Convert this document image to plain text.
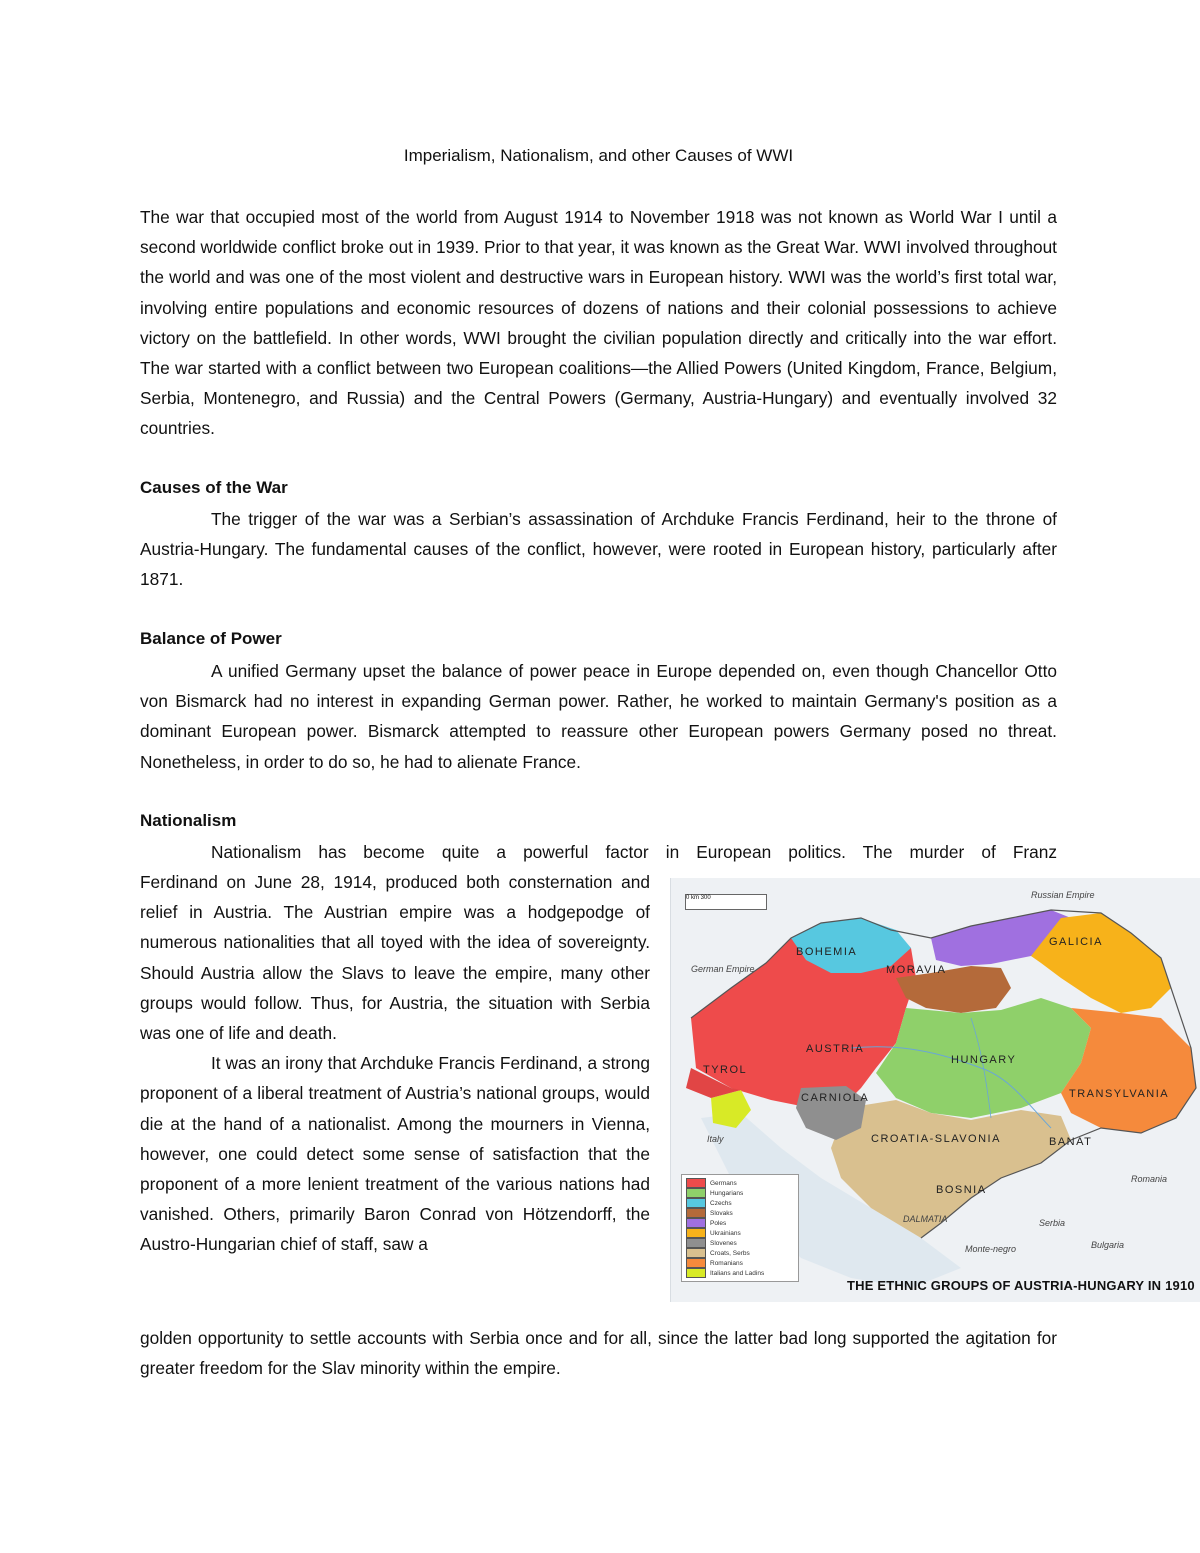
Imperialism, Nationalism, and other Causes of WWI

The war that occupied most of the world from August 1914 to November 1918 was not known as World War I until a second worldwide conflict broke out in 1939. Prior to that year, it was known as the Great War. WWI involved throughout the world and was one of the most violent and destructive wars in European history. WWI was the world’s first total war, involving entire populations and economic resources of dozens of nations and their colonial possessions to achieve victory on the battlefield. In other words, WWI brought the civilian population directly and critically into the war effort. The war started with a conflict between two European coalitions—the Allied Powers (United Kingdom, France, Belgium, Serbia, Montenegro, and Russia) and the Central Powers (Germany, Austria-Hungary) and eventually involved 32 countries.

Causes of the War

The trigger of the war was a Serbian’s assassination of Archduke Francis Ferdinand, heir to the throne of Austria-Hungary. The fundamental causes of the conflict, however, were rooted in European history, particularly after 1871.

Balance of Power

A unified Germany upset the balance of power peace in Europe depended on, even though Chancellor Otto von Bismarck had no interest in expanding German power. Rather, he worked to maintain Germany's position as a dominant European power. Bismarck attempted to reassure other European powers Germany posed no threat. Nonetheless, in order to do so, he had to alienate France.

Nationalism

Nationalism has become quite a powerful factor in European politics. The murder of Franz

Ferdinand on June 28, 1914, produced both consternation and relief in Austria. The Austrian empire was a hodgepodge of numerous nationalities that all toyed with the idea of sovereignty. Should Austria allow the Slavs to leave the empire, many other groups would follow. Thus, for Austria, the situation with Serbia was one of life and death.

It was an irony that Archduke Francis Ferdinand, a strong proponent of a liberal treatment of Austria’s national groups, would die at the hand of a nationalist. Among the mourners in Vienna, however, one could detect some sense of satisfaction that the proponent of a more lenient treatment of the various nations had vanished. Others, primarily Baron Conrad von Hötzendorff, the Austro-Hungarian chief of staff, saw a

golden opportunity to settle accounts with Serbia once and for all, since the latter bad long supported the agitation for greater freedom for the Slav minority within the empire.

0 km 300	Russian Empire
GALICIA
BOHEMIA
MORAVIA
German Empire
AUSTRIA
HUNGARY
TYROL
CARNIOLA	TRANSYLVANIA
BANAT
CROATIA-SLAVONIA
BOSNIA
DALMATIA
Italy
Romania
Serbia
Monte-negro	Bulgaria
Germans
Hungarians
Czechs
Slovaks
Poles
Ukrainians
Slovenes
Croats, Serbs
Romanians
Italians and Ladins
THE ETHNIC GROUPS OF AUSTRIA-HUNGARY IN 1910
